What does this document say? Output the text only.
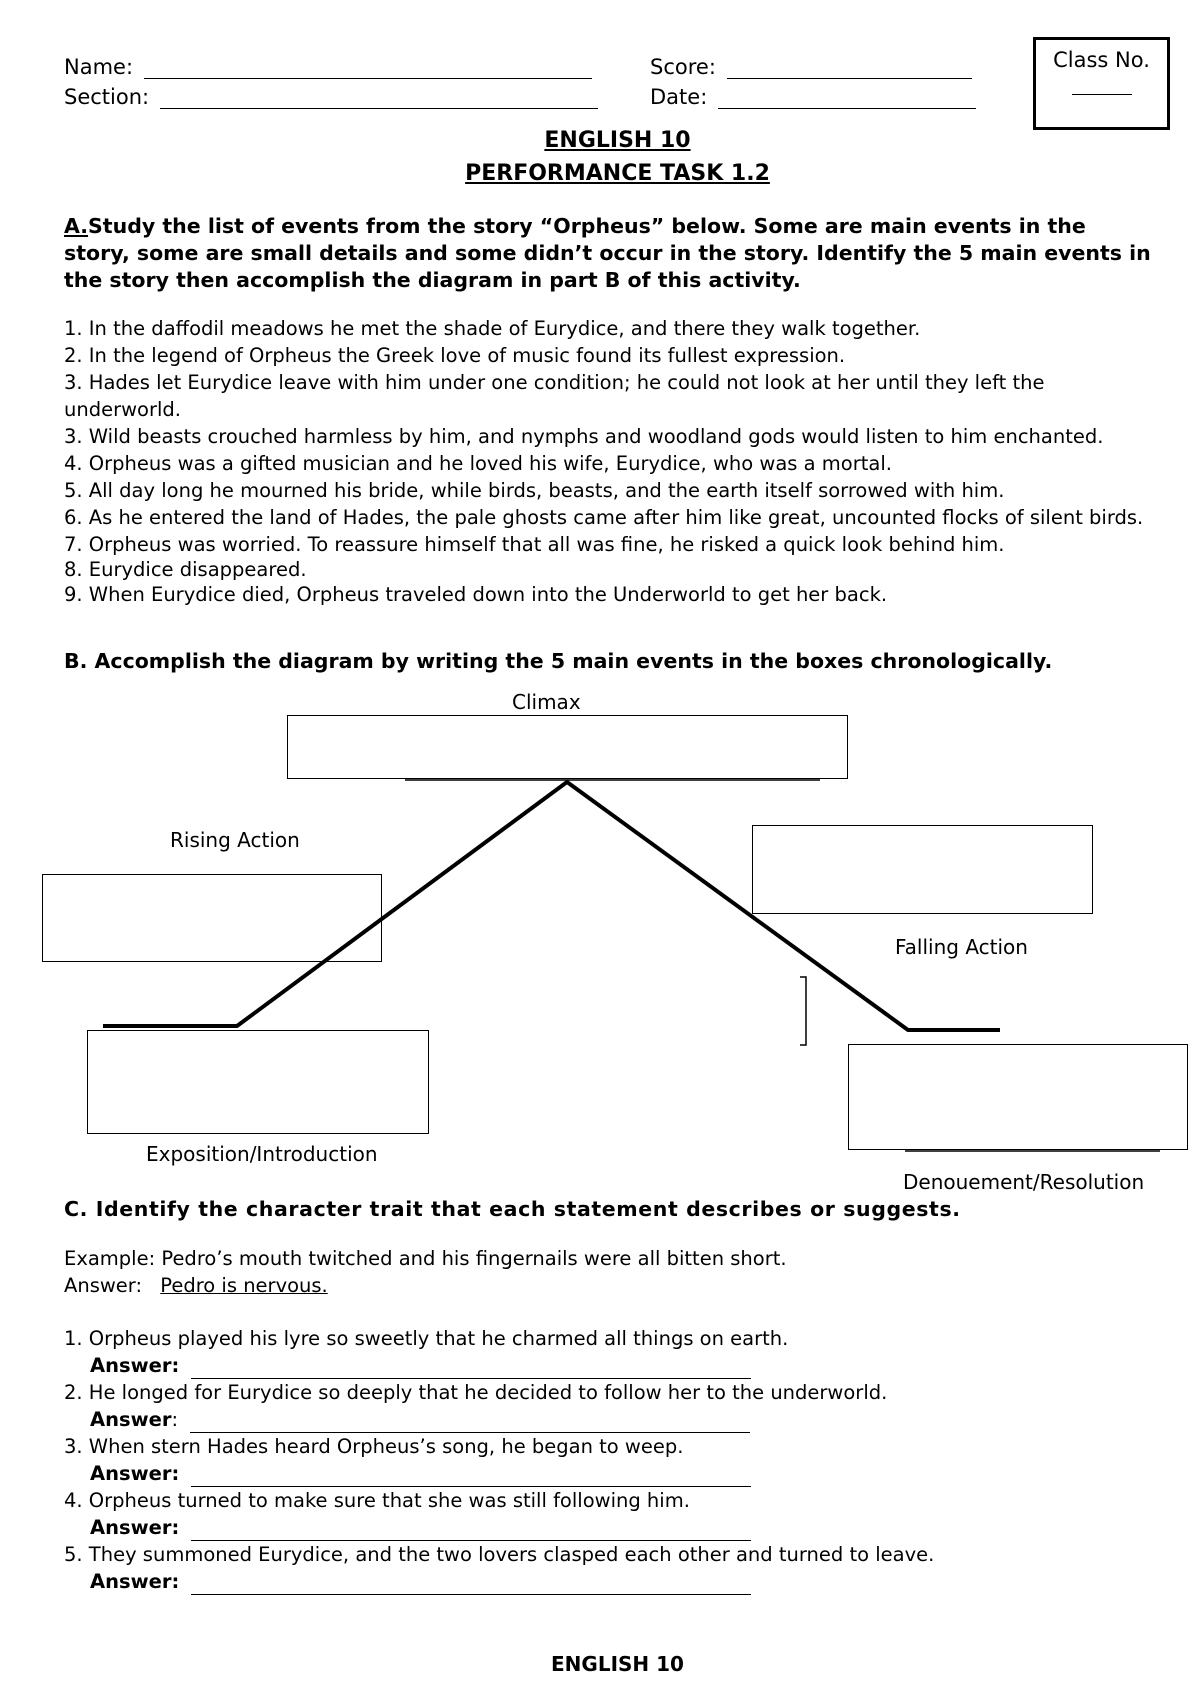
Name:
Section:
Score:
Date:
Class No.
ENGLISH 10
PERFORMANCE TASK 1.2
A.Study the list of events from the story “Orpheus” below. Some are main events in the story, some are small details and some didn’t occur in the story. Identify the 5 main events in the story then accomplish the diagram in part B of this activity.
1. In the daffodil meadows he met the shade of Eurydice, and there they walk together.
2. In the legend of Orpheus the Greek love of music found its fullest expression.
3. Hades let Eurydice leave with him under one condition; he could not look at her until they left the underworld.
3. Wild beasts crouched harmless by him, and nymphs and woodland gods would listen to him enchanted.
4. Orpheus was a gifted musician and he loved his wife, Eurydice, who was a mortal.
5. All day long he mourned his bride, while birds, beasts, and the earth itself sorrowed with him.
6. As he entered the land of Hades, the pale ghosts came after him like great, uncounted flocks of silent birds.
7. Orpheus was worried. To reassure himself that all was fine, he risked a quick look behind him.
8. Eurydice disappeared.
9. When Eurydice died, Orpheus traveled down into the Underworld to get her back.
B. Accomplish the diagram by writing the 5 main events in the boxes chronologically.
Climax
Rising Action
Falling Action
Exposition/Introduction
Denouement/Resolution
C. Identify the character trait that each statement describes or suggests.
Example: Pedro’s mouth twitched and his fingernails were all bitten short.
Answer: Pedro is nervous.
1. Orpheus played his lyre so sweetly that he charmed all things on earth.
Answer:
2. He longed for Eurydice so deeply that he decided to follow her to the underworld.
Answer:
3. When stern Hades heard Orpheus’s song, he began to weep.
Answer:
4. Orpheus turned to make sure that she was still following him.
Answer:
5. They summoned Eurydice, and the two lovers clasped each other and turned to leave.
Answer:
ENGLISH 10
